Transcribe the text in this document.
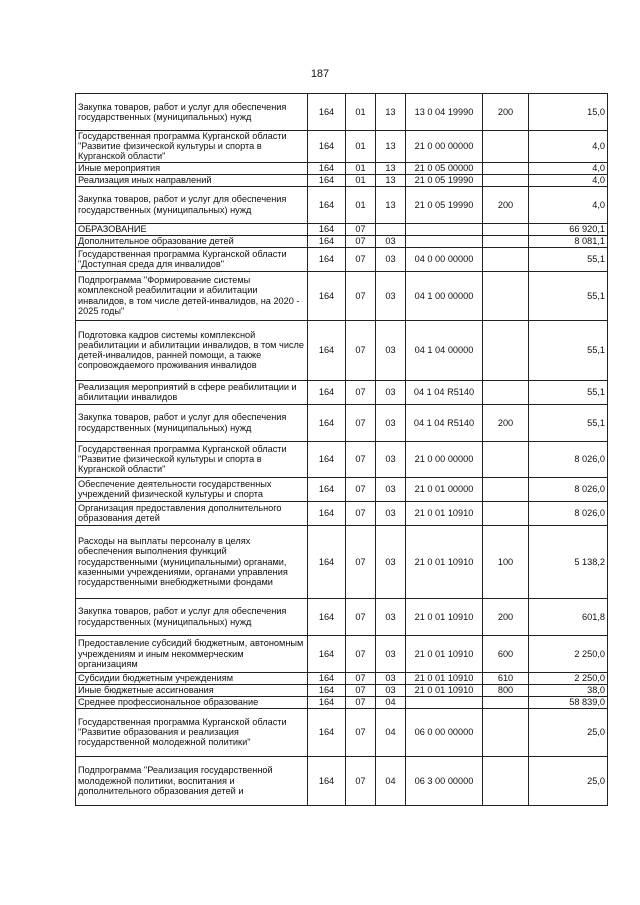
187
Закупка товаров, работ и услуг для обеспечения государственных (муниципальных) нужд	164	01	13	13 0 04 19990	200	15,0
Государственная программа Курганской области "Развитие физической культуры и спорта в Курганской области"	164	01	13	21 0 00 00000		4,0
Иные мероприятия	164	01	13	21 0 05 00000		4,0
Реализация иных направлений	164	01	13	21 0 05 19990		4,0
Закупка товаров, работ и услуг для обеспечения государственных (муниципальных) нужд	164	01	13	21 0 05 19990	200	4,0
ОБРАЗОВАНИЕ	164	07				66 920,1
Дополнительное образование детей	164	07	03			8 081,1
Государственная программа Курганской области "Доступная среда для инвалидов"	164	07	03	04 0 00 00000		55,1
Подпрограмма "Формирование системы комплексной реабилитации и абилитации инвалидов, в том числе детей-инвалидов, на 2020 - 2025 годы"	164	07	03	04 1 00 00000		55,1
Подготовка кадров системы комплексной реабилитации и абилитации инвалидов, в том числе детей-инвалидов, ранней помощи, а также сопровождаемого проживания инвалидов	164	07	03	04 1 04 00000		55,1
Реализация мероприятий в сфере реабилитации и абилитации инвалидов	164	07	03	04 1 04 R5140		55,1
Закупка товаров, работ и услуг для обеспечения государственных (муниципальных) нужд	164	07	03	04 1 04 R5140	200	55,1
Государственная программа Курганской области "Развитие физической культуры и спорта в Курганской области"	164	07	03	21 0 00 00000		8 026,0
Обеспечение деятельности государственных учреждений физической культуры и спорта	164	07	03	21 0 01 00000		8 026,0
Организация предоставления дополнительного образования детей	164	07	03	21 0 01 10910		8 026,0
Расходы на выплаты персоналу в целях обеспечения выполнения функций государственными (муниципальными) органами, казенными учреждениями, органами управления государственными внебюджетными фондами	164	07	03	21 0 01 10910	100	5 138,2
Закупка товаров, работ и услуг для обеспечения государственных (муниципальных) нужд	164	07	03	21 0 01 10910	200	601,8
Предоставление субсидий бюджетным, автономным учреждениям и иным некоммерческим организациям	164	07	03	21 0 01 10910	600	2 250,0
Субсидии бюджетным учреждениям	164	07	03	21 0 01 10910	610	2 250,0
Иные бюджетные ассигнования	164	07	03	21 0 01 10910	800	38,0
Среднее профессиональное образование	164	07	04			58 839,0
Государственная программа Курганской области "Развитие образования и реализация государственной молодежной политики"	164	07	04	06 0 00 00000		25,0
Подпрограмма "Реализация государственной молодежной политики, воспитания и дополнительного образования детей и	164	07	04	06 3 00 00000		25,0
